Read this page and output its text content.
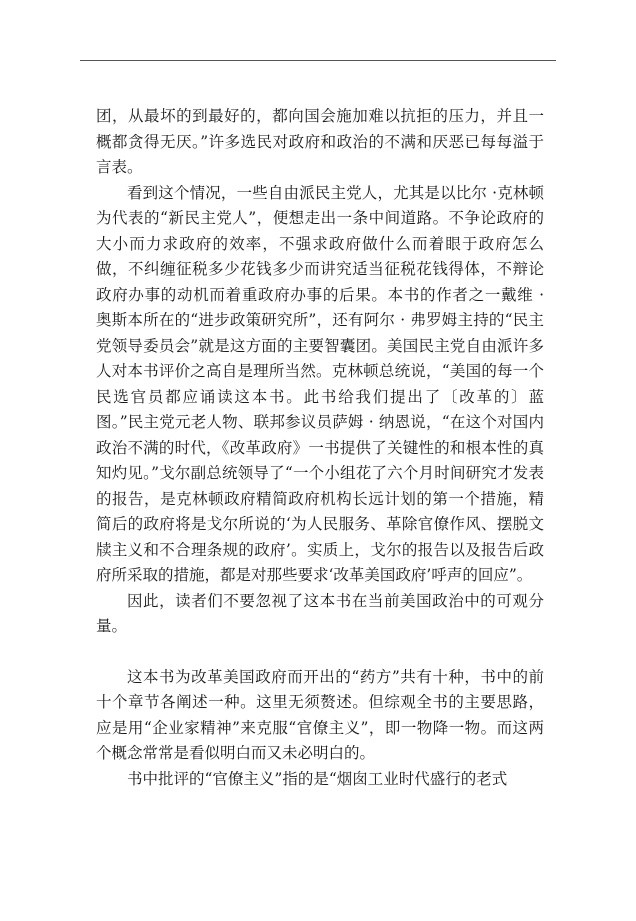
团，从最坏的到最好的，都向国会施加难以抗拒的压力，并且一概都贪得无厌。”许多选民对政府和政治的不满和厌恶已每每溢于言表。

看到这个情况，一些自由派民主党人，尤其是以比尔 ·克林顿为代表的“新民主党人”，便想走出一条中间道路。不争论政府的大小而力求政府的效率，不强求政府做什么而着眼于政府怎么做，不纠缠征税多少花钱多少而讲究适当征税花钱得体，不辩论政府办事的动机而着重政府办事的后果。本书的作者之一戴维 · 奥斯本所在的“进步政策研究所”，还有阿尔 · 弗罗姆主持的“民主党领导委员会”就是这方面的主要智囊团。美国民主党自由派许多人对本书评价之高自是理所当然。克林顿总统说，“美国的每一个民选官员都应诵读这本书。此书给我们提出了〔改革的〕蓝图。”民主党元老人物、联邦参议员萨姆 · 纳恩说，“在这个对国内政治不满的时代，《改革政府》一书提供了关键性的和根本性的真知灼见。”戈尔副总统领导了“一个小组花了六个月时间研究才发表的报告，是克林顿政府精简政府机构长远计划的第一个措施，精简后的政府将是戈尔所说的‘为人民服务、革除官僚作风、摆脱文牍主义和不合理条规的政府’。实质上，戈尔的报告以及报告后政府所采取的措施，都是对那些要求‘改革美国政府’呼声的回应”。

因此，读者们不要忽视了这本书在当前美国政治中的可观分量。

这本书为改革美国政府而开出的“药方”共有十种，书中的前十个章节各阐述一种。这里无须赘述。但综观全书的主要思路，应是用“企业家精神”来克服“官僚主义”，即一物降一物。而这两个概念常常是看似明白而又未必明白的。

书中批评的“官僚主义”指的是“烟囱工业时代盛行的老式
